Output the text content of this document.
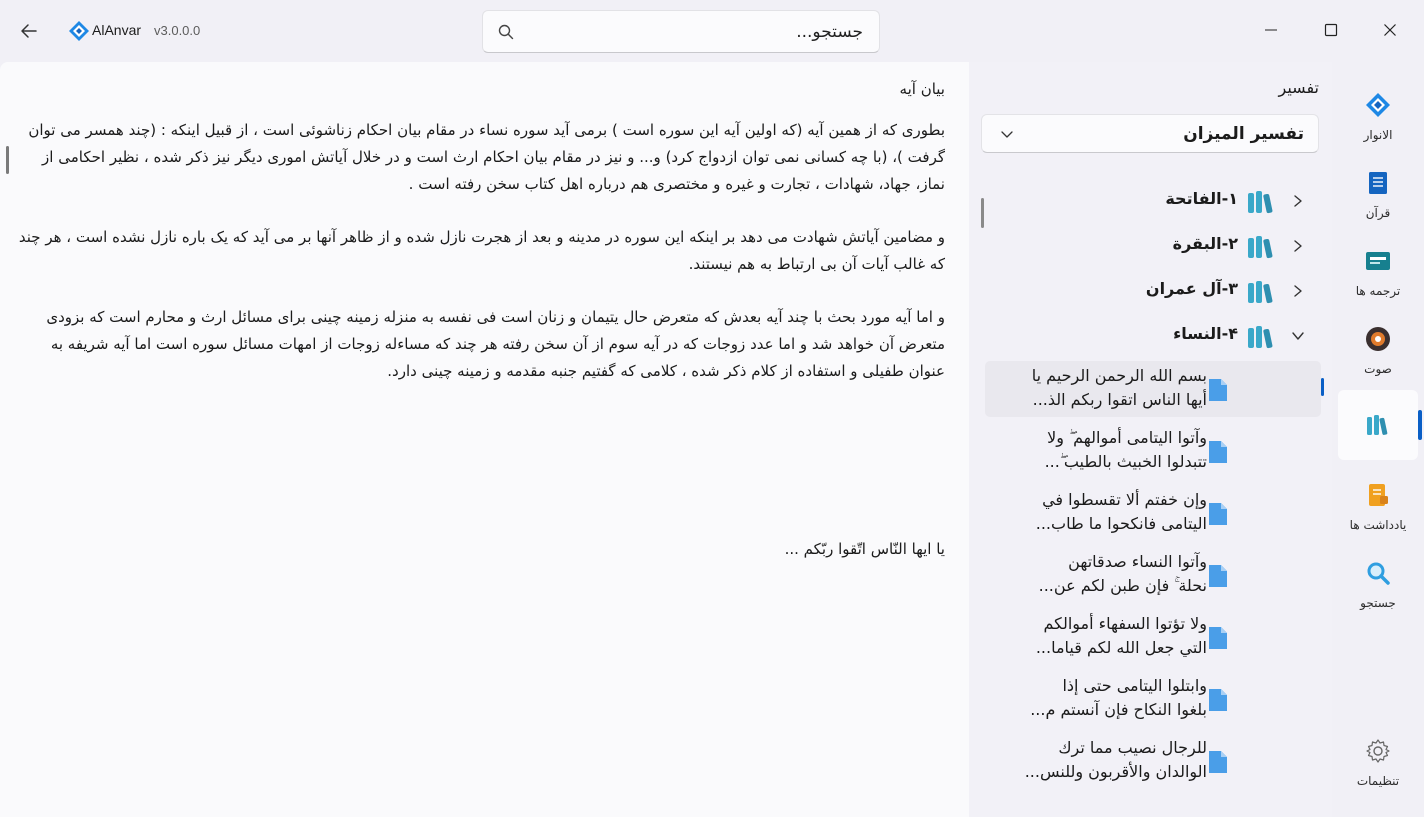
AlAnvar v3.0.0.0
جستجو...

بیان آیه

بطوری که از همین آیه (که اولین آیه این سوره است ) برمی آید سوره نساء در مقام بیان احکام زناشوئی است ، از قبیل اینکه : (چند همسر می توان گرفت )، (با چه کسانی نمی توان ازدواج کرد) و... و نیز در مقام بیان احکام ارث است و در خلال آیاتش اموری دیگر نیز ذکر شده ، نظیر احکامی از نماز، جهاد، شهادات ، تجارت و غیره و مختصری هم درباره اهل کتاب سخن رفته است .

و مضامین آیاتش شهادت می دهد بر اینکه این سوره در مدینه و بعد از هجرت نازل شده و از ظاهر آنها بر می آید که یک باره نازل نشده است ، هر چند که غالب آیات آن بی ارتباط به هم نیستند.

و اما آیه مورد بحث با چند آیه بعدش که متعرض حال یتیمان و زنان است فی نفسه به منزله زمینه چینی برای مسائل ارث و محارم است که بزودی متعرض آن خواهد شد و اما عدد زوجات که در آیه سوم از آن سخن رفته هر چند که مساءله زوجات از امهات مسائل سوره است اما آیه شریفه به عنوان طفیلی و استفاده از کلام ذکر شده ، کلامی که گفتیم جنبه مقدمه و زمینه چینی دارد.

یا ایها النّاس اتّقوا ربّکم ...
تفسیر
تفسیر المیزان
۱-الفاتحة
۲-البقرة
۳-آل عمران
۴-النساء
بسم الله الرحمن الرحيم يا
أيها الناس اتقوا ربكم الذ...
وآتوا اليتامى أموالهم ۖ ولا
تتبدلوا الخبيث بالطيب ۖ...
وإن خفتم ألا تقسطوا في
اليتامى فانكحوا ما طاب...
وآتوا النساء صدقاتهن
نحلة ۚ فإن طبن لكم عن...
ولا تؤتوا السفهاء أموالكم
التي جعل الله لكم قياما...
وابتلوا اليتامى حتى إذا
بلغوا النكاح فإن آنستم م...
للرجال نصيب مما ترك
الوالدان والأقربون وللنس...
الانوار
قرآن
ترجمه ها
صوت
یادداشت ها
جستجو
تنظیمات
